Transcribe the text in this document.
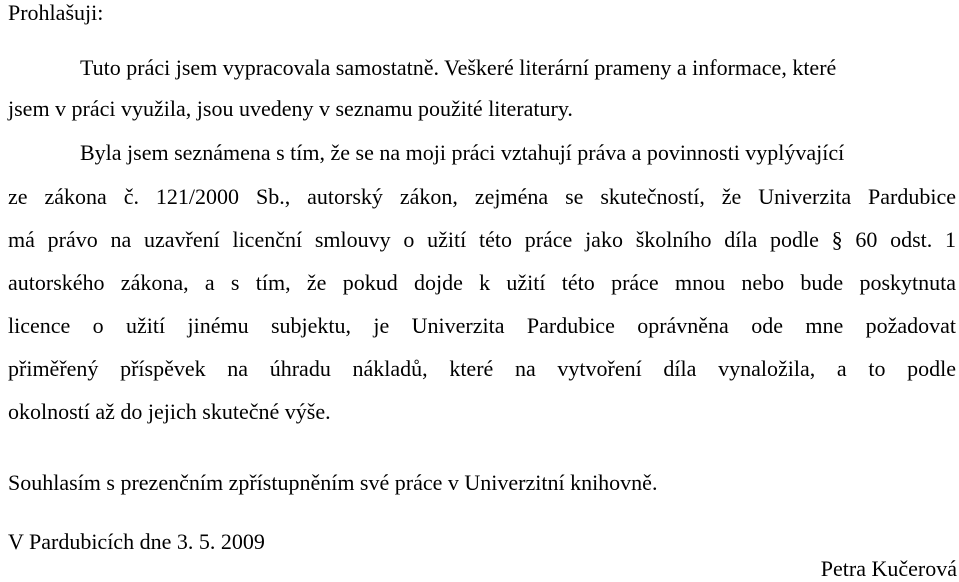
Prohlašuji:
Tuto práci jsem vypracovala samostatně. Veškeré literární prameny a informace, které
jsem v práci využila, jsou uvedeny v seznamu použité literatury.
Byla jsem seznámena s tím, že se na moji práci vztahují práva a povinnosti vyplývající
ze zákona č. 121/2000 Sb., autorský zákon, zejména se skutečností, že Univerzita Pardubice
má právo na uzavření licenční smlouvy o užití této práce jako školního díla podle § 60 odst. 1
autorského zákona, a s tím, že pokud dojde k užití této práce mnou nebo bude poskytnuta
licence o užití jinému subjektu, je Univerzita Pardubice oprávněna ode mne požadovat
přiměřený příspěvek na úhradu nákladů, které na vytvoření díla vynaložila, a to podle
okolností až do jejich skutečné výše.
Souhlasím s prezenčním zpřístupněním své práce v Univerzitní knihovně.
V Pardubicích dne 3. 5. 2009
Petra Kučerová
